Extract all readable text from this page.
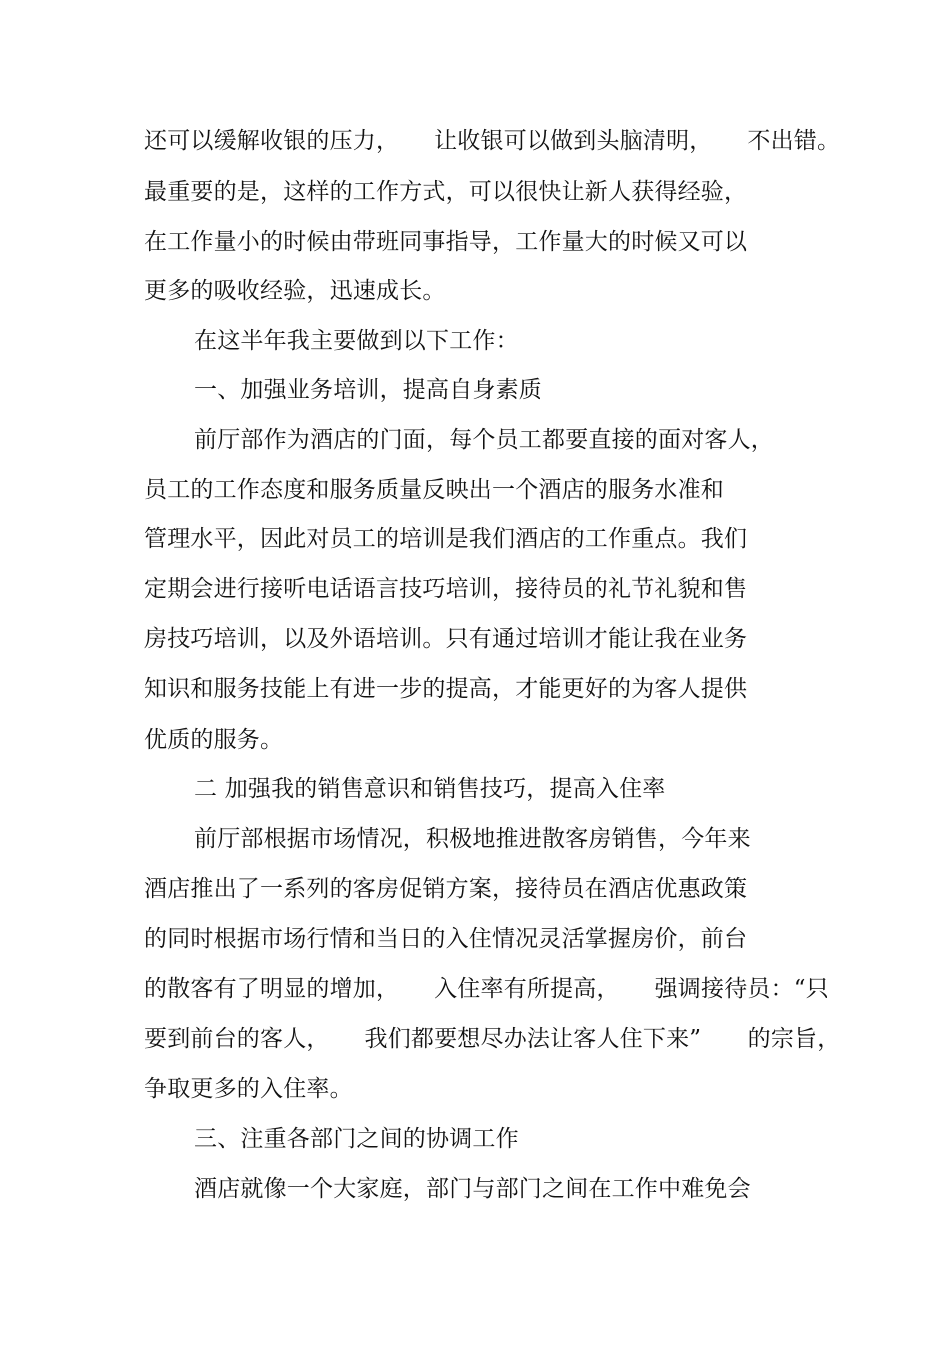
还可以缓解收银的压力，　　让收银可以做到头脑清明，　　不出错。
最重要的是，这样的工作方式，可以很快让新人获得经验，
在工作量小的时候由带班同事指导，工作量大的时候又可以
更多的吸收经验，迅速成长。
在这半年我主要做到以下工作：
一、加强业务培训，提高自身素质
前厅部作为酒店的门面，每个员工都要直接的面对客人，
员工的工作态度和服务质量反映出一个酒店的服务水准和
管理水平，因此对员工的培训是我们酒店的工作重点。我们
定期会进行接听电话语言技巧培训，接待员的礼节礼貌和售
房技巧培训，以及外语培训。只有通过培训才能让我在业务
知识和服务技能上有进一步的提高，才能更好的为客人提供
优质的服务。
二 加强我的销售意识和销售技巧，提高入住率
前厅部根据市场情况，积极地推进散客房销售，今年来
酒店推出了一系列的客房促销方案，接待员在酒店优惠政策
的同时根据市场行情和当日的入住情况灵活掌握房价，前台
的散客有了明显的增加，　　入住率有所提高，　　强调接待员：“只
要到前台的客人，　　我们都要想尽办法让客人住下来”　　的宗旨，
争取更多的入住率。
三、注重各部门之间的协调工作
酒店就像一个大家庭，部门与部门之间在工作中难免会
